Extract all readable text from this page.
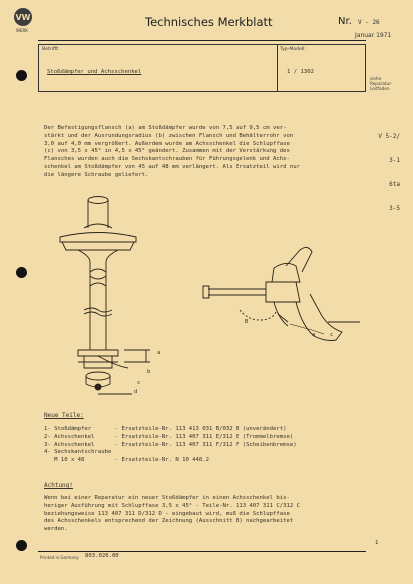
VW
WERK
Technisches Merkblatt	Nr. V - 26
Januar 1971
Betrifft:
Stoßdämpfer und Achsschenkel
Typ-Modell:
1 / 1302
siehe
Reparatur-
Leitfaden

V 5-2/

3-1

6ta

3-5

Der Befestigungsflansch (a) am Stoßdämpfer wurde von 7,5 auf 9,5 cm ver-
stärkt und der Ausrundungsradius (b) zwischen Flansch und Behälterrohr von
3,0 auf 4,0 mm vergrößert. Außerdem wurde am Achsschenkel die Schlupffase
(c) von 3,5 x 45° in 4,5 x 45° geändert. Zusammen mit der Verstärkung des
Flansches wurden auch die Sechskantschrauben für Führungsgelenk und Achs-
schenkel am Stoßdämpfer von 45 auf 48 mm verlängert. Als Ersatzteil wird nur
die längere Schraube geliefert.
a
b
c
d
B
a	c
Neue Teile:
1- Stoßdämpfer       - Ersatzteile-Nr. 113 413 031 B/032 B (unverändert)
2- Achsschenkel      - Ersatzteile-Nr. 113 407 311 E/312 E (Trommelbremse)
3- Achsschenkel      - Ersatzteile-Nr. 113 407 311 F/312 F (Scheibenbremse)
4- Sechskantschraube
M 10 x 48         - Ersatzteile-Nr. N 10 448.2
Achtung!
Wenn bei einer Reparatur ein neuer Stoßdämpfer in einen Achsschenkel bis-
heriger Ausführung mit Schlupffase 3,5 x 45° - Teile-Nr. 113 407 311 C/312 C
beziehungsweise 113 407 311 D/312 D - eingebaut wird, muß die Schlupffase
des Achsschenkels entsprechend der Zeichnung (Ausschnitt B) nachgearbeitet
werden.
1
Printed in Germany 803.026.00
